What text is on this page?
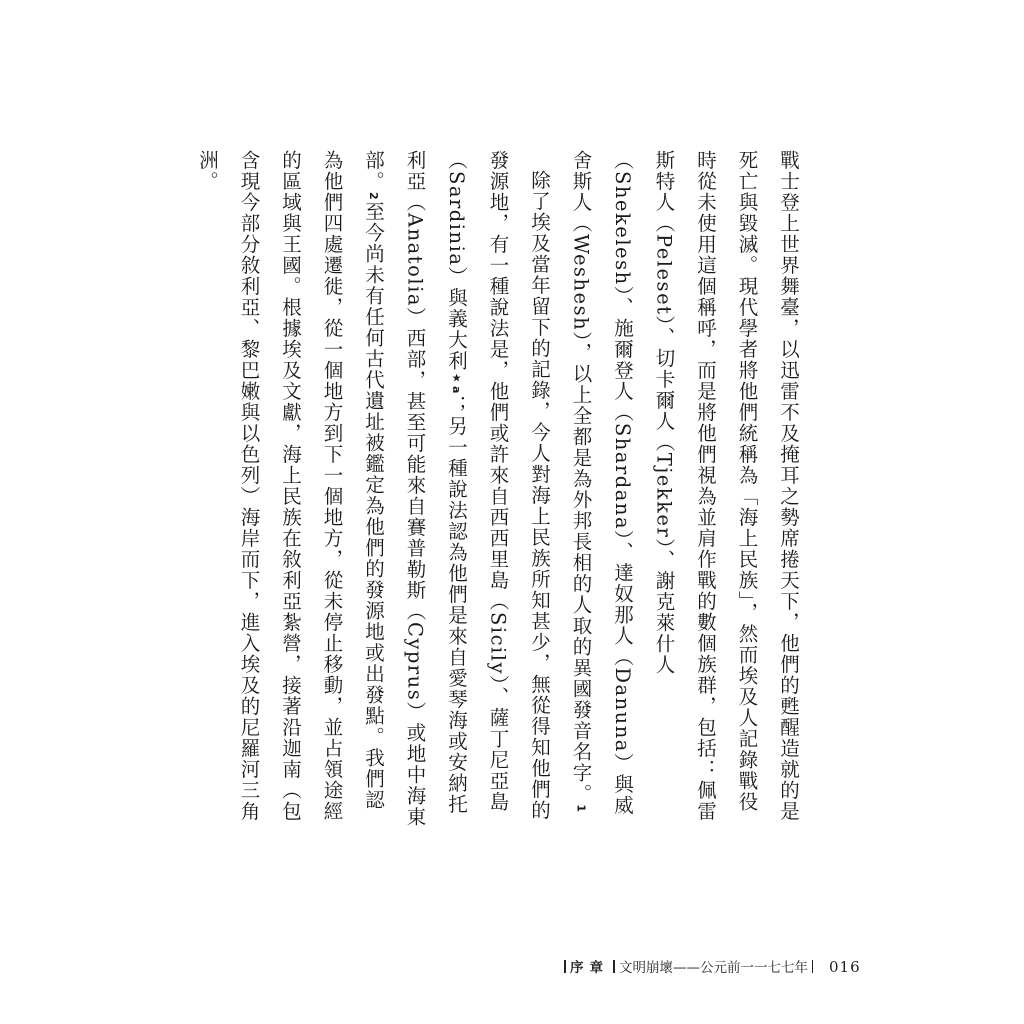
戰士登上世界舞臺，以迅雷不及掩耳之勢席捲天下，他們的甦醒造就的是死亡與毀滅。現代學者將他們統稱為「海上民族」，然而埃及人記錄戰役時從未使用這個稱呼，而是將他們視為並肩作戰的數個族群，包括：佩雷斯特人（Peleset）、切卡爾人（Tjekker）、謝克萊什人（Shekelesh）、施爾登人（Shardana）、達奴那人（Danuna）與威舍斯人（Weshesh），以上全都是為外邦長相的人取的異國發音名字。1

除了埃及當年留下的記錄，今人對海上民族所知甚少，無從得知他們的發源地，有一種說法是，他們或許來自西西里島（Sicily）、薩丁尼亞島（Sardinia）與義大利★a；另一種說法認為他們是來自愛琴海或安納托利亞（Anatolia）西部，甚至可能來自賽普勒斯（Cyprus）或地中海東部。2至今尚未有任何古代遺址被鑑定為他們的發源地或出發點。我們認為他們四處遷徙，從一個地方到下一個地方，從未停止移動，並占領途經的區域與王國。根據埃及文獻，海上民族在敘利亞紮營，接著沿迦南（包含現今部分敘利亞、黎巴嫩與以色列）海岸而下，進入埃及的尼羅河三角洲。

序章 文明崩壞——公元前一一七七年 016
